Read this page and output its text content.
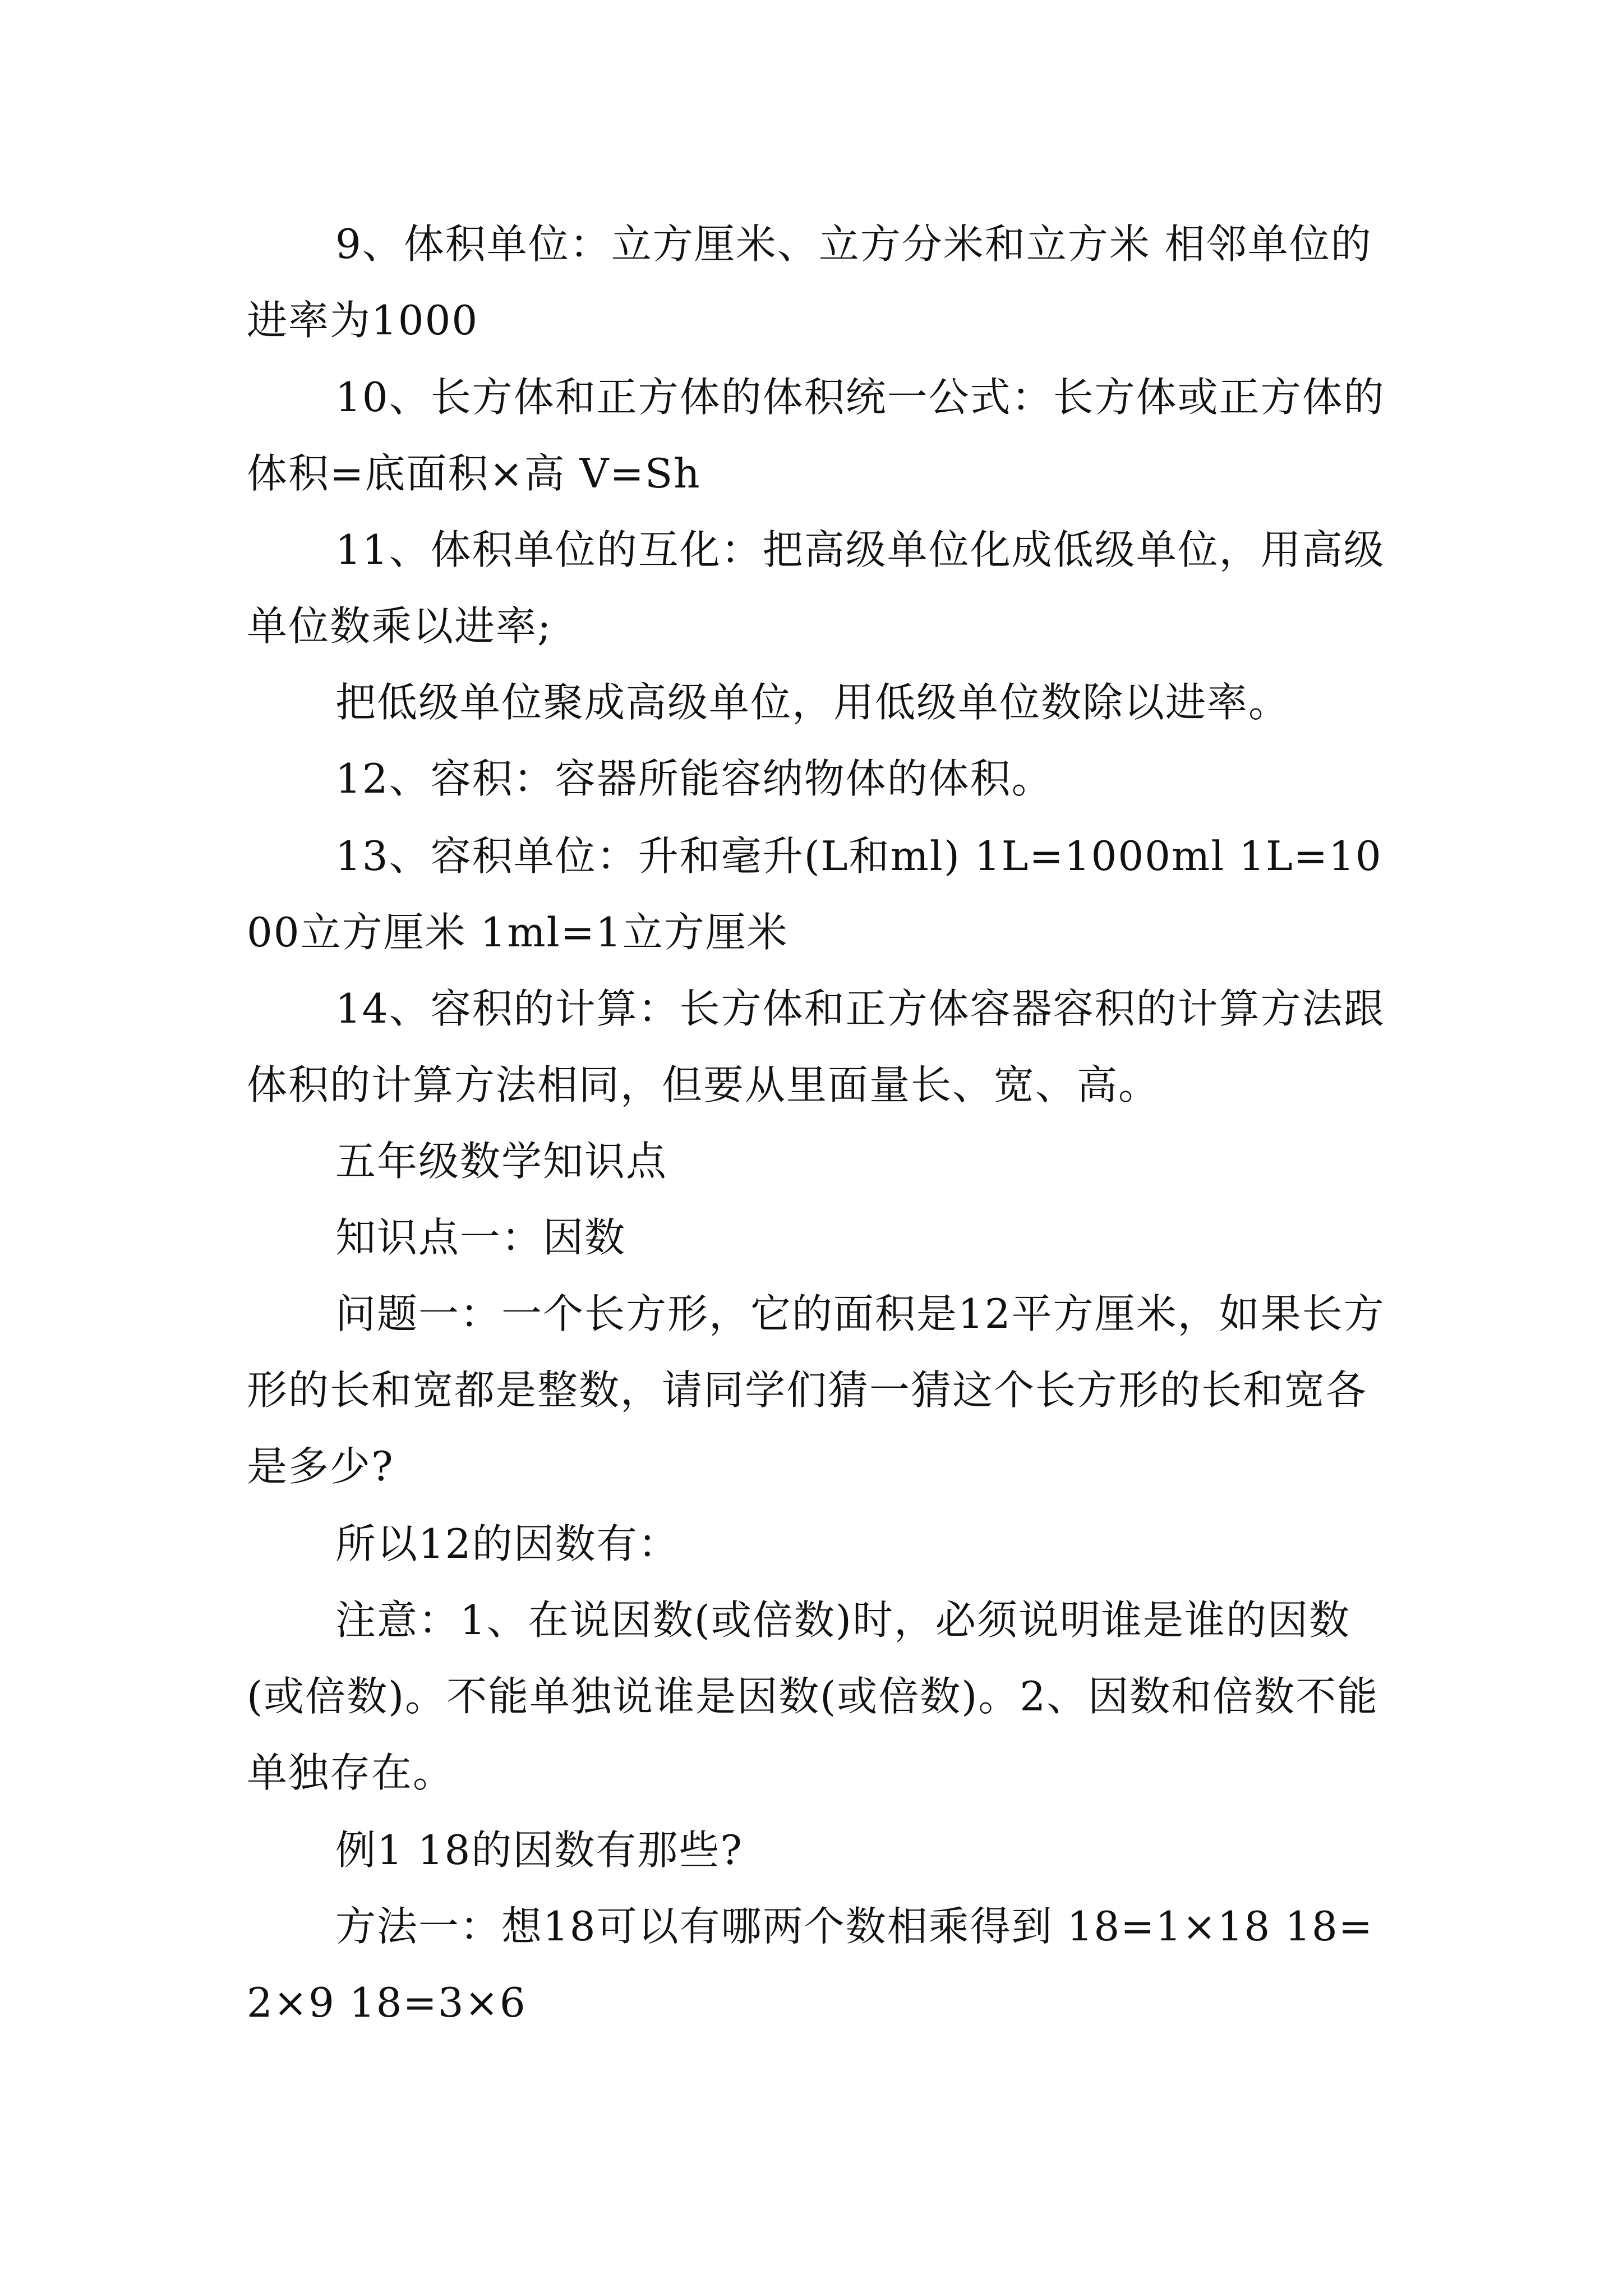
9、体积单位：立方厘米、立方分米和立方米 相邻单位的进率为1000

10、长方体和正方体的体积统一公式：长方体或正方体的体积=底面积×高 V=Sh

11、体积单位的互化：把高级单位化成低级单位，用高级单位数乘以进率;

把低级单位聚成高级单位，用低级单位数除以进率。

12、容积：容器所能容纳物体的体积。

13、容积单位：升和毫升(L和ml) 1L=1000ml 1L=1000立方厘米 1ml=1立方厘米

14、容积的计算：长方体和正方体容器容积的计算方法跟体积的计算方法相同，但要从里面量长、宽、高。

五年级数学知识点

知识点一：因数

问题一：一个长方形，它的面积是12平方厘米，如果长方形的长和宽都是整数，请同学们猜一猜这个长方形的长和宽各是多少?

所以12的因数有：

注意：1、在说因数(或倍数)时，必须说明谁是谁的因数(或倍数)。不能单独说谁是因数(或倍数)。2、因数和倍数不能单独存在。

例1 18的因数有那些?

方法一：想18可以有哪两个数相乘得到 18=1×18 18=2×9 18=3×6
